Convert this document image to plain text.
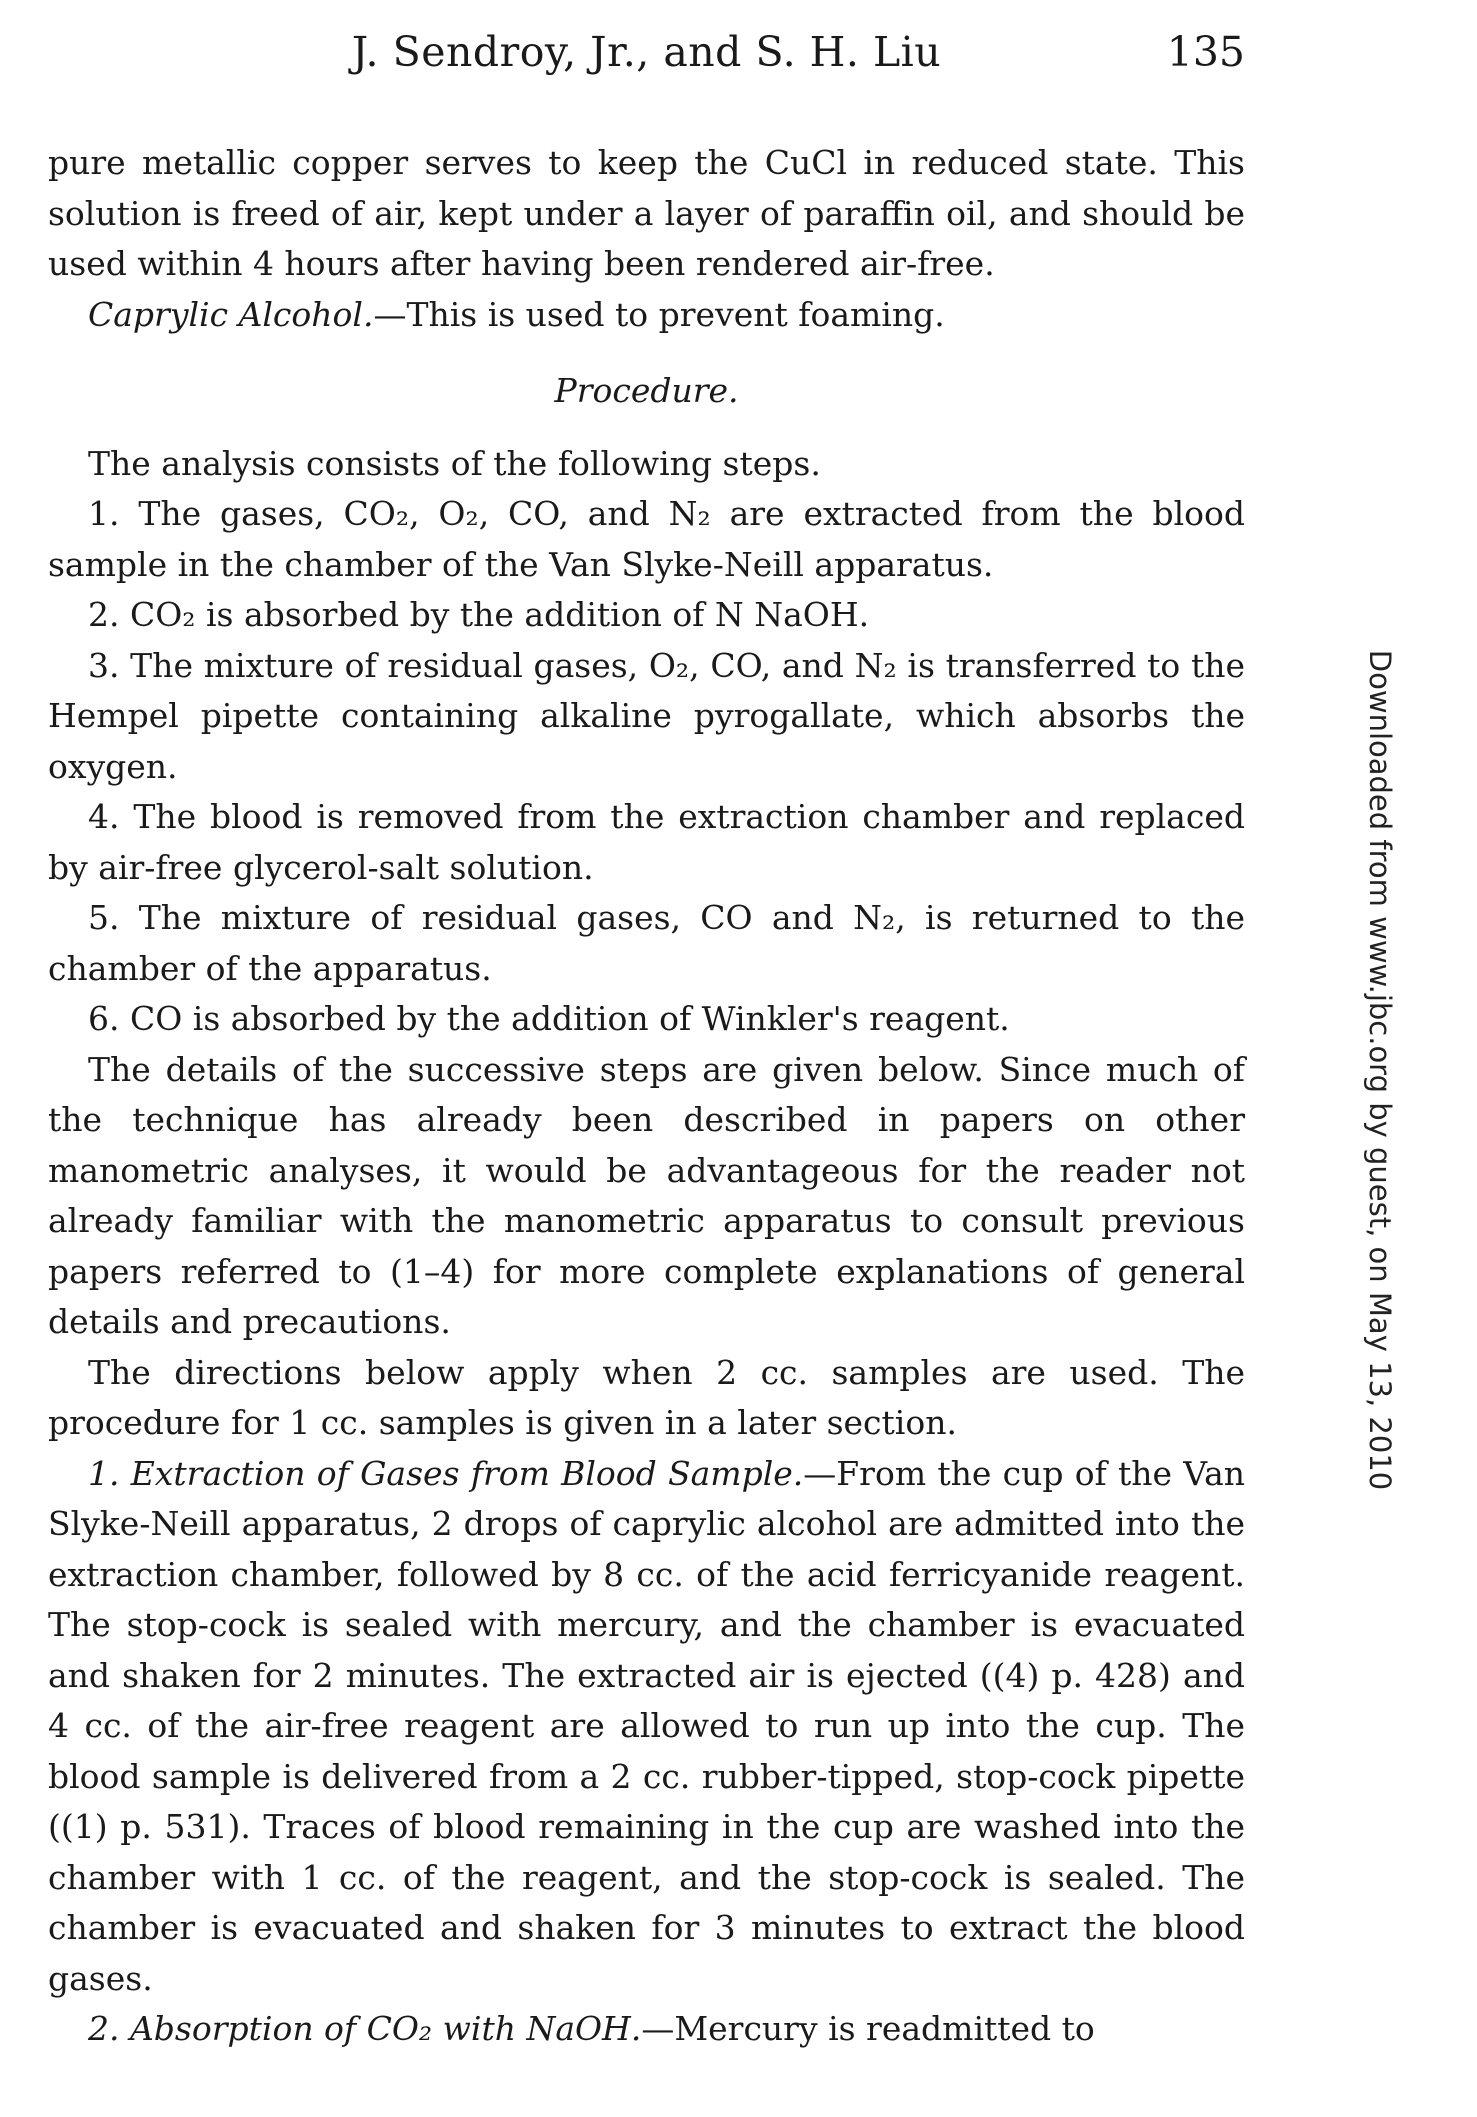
J. Sendroy, Jr., and S. H. Liu	135

pure metallic copper serves to keep the CuCl in reduced state. This solution is freed of air, kept under a layer of paraffin oil, and should be used within 4 hours after having been rendered air-free.

Caprylic Alcohol.—This is used to prevent foaming.

Procedure.

The analysis consists of the following steps.

1. The gases, CO₂, O₂, CO, and N₂ are extracted from the blood sample in the chamber of the Van Slyke-Neill apparatus.

2. CO₂ is absorbed by the addition of N NaOH.

3. The mixture of residual gases, O₂, CO, and N₂ is transferred to the Hempel pipette containing alkaline pyrogallate, which absorbs the oxygen.

4. The blood is removed from the extraction chamber and replaced by air-free glycerol-salt solution.

5. The mixture of residual gases, CO and N₂, is returned to the chamber of the apparatus.

6. CO is absorbed by the addition of Winkler's reagent.

The details of the successive steps are given below. Since much of the technique has already been described in papers on other manometric analyses, it would be advantageous for the reader not already familiar with the manometric apparatus to consult previous papers referred to (1–4) for more complete explanations of general details and precautions.

The directions below apply when 2 cc. samples are used. The procedure for 1 cc. samples is given in a later section.

1. Extraction of Gases from Blood Sample.—From the cup of the Van Slyke-Neill apparatus, 2 drops of caprylic alcohol are admitted into the extraction chamber, followed by 8 cc. of the acid ferricyanide reagent. The stop-cock is sealed with mercury, and the chamber is evacuated and shaken for 2 minutes. The extracted air is ejected ((4) p. 428) and 4 cc. of the air-free reagent are allowed to run up into the cup. The blood sample is delivered from a 2 cc. rubber-tipped, stop-cock pipette ((1) p. 531). Traces of blood remaining in the cup are washed into the chamber with 1 cc. of the reagent, and the stop-cock is sealed. The chamber is evacuated and shaken for 3 minutes to extract the blood gases.

2. Absorption of CO₂ with NaOH.—Mercury is readmitted to

Downloaded from www.jbc.org by guest, on May 13, 2010
